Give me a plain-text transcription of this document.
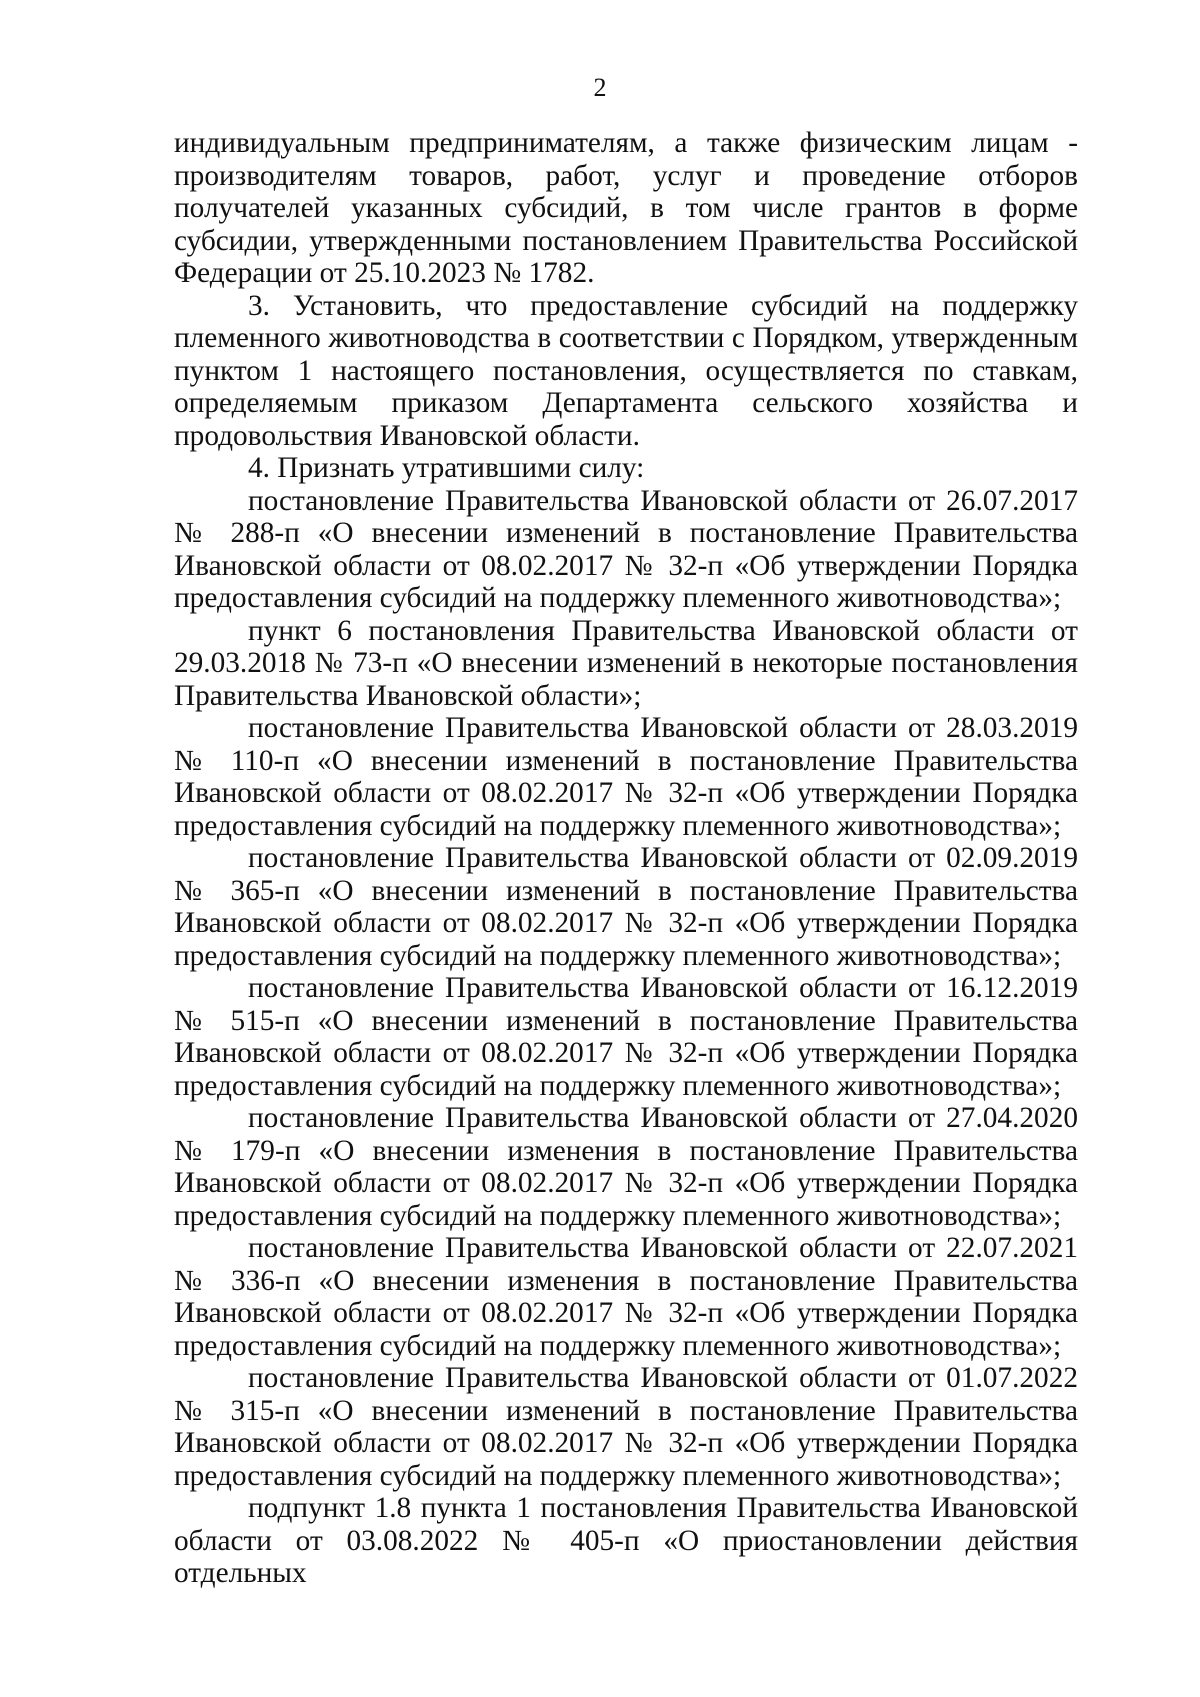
2

индивидуальным предпринимателям, а также физическим лицам - производителям товаров, работ, услуг и проведение отборов получателей указанных субсидий, в том числе грантов в форме субсидии, утвержденными постановлением Правительства Российской Федерации от 25.10.2023 № 1782.

3. Установить, что предоставление субсидий на поддержку племенного животноводства в соответствии с Порядком, утвержденным пунктом 1 настоящего постановления, осуществляется по ставкам, определяемым приказом Департамента сельского хозяйства и продовольствия Ивановской области.

4. Признать утратившими силу:

постановление Правительства Ивановской области от 26.07.2017 № 288-п «О внесении изменений в постановление Правительства Ивановской области от 08.02.2017 № 32-п «Об утверждении Порядка предоставления субсидий на поддержку племенного животноводства»;

пункт 6 постановления Правительства Ивановской области от 29.03.2018 № 73-п «О внесении изменений в некоторые постановления Правительства Ивановской области»;

постановление Правительства Ивановской области от 28.03.2019 № 110-п «О внесении изменений в постановление Правительства Ивановской области от 08.02.2017 № 32-п «Об утверждении Порядка предоставления субсидий на поддержку племенного животноводства»;

постановление Правительства Ивановской области от 02.09.2019 № 365-п «О внесении изменений в постановление Правительства Ивановской области от 08.02.2017 № 32-п «Об утверждении Порядка предоставления субсидий на поддержку племенного животноводства»;

постановление Правительства Ивановской области от 16.12.2019 № 515-п «О внесении изменений в постановление Правительства Ивановской области от 08.02.2017 № 32-п «Об утверждении Порядка предоставления субсидий на поддержку племенного животноводства»;

постановление Правительства Ивановской области от 27.04.2020 № 179-п «О внесении изменения в постановление Правительства Ивановской области от 08.02.2017 № 32-п «Об утверждении Порядка предоставления субсидий на поддержку племенного животноводства»;

постановление Правительства Ивановской области от 22.07.2021 № 336-п «О внесении изменения в постановление Правительства Ивановской области от 08.02.2017 № 32-п «Об утверждении Порядка предоставления субсидий на поддержку племенного животноводства»;

постановление Правительства Ивановской области от 01.07.2022 № 315-п «О внесении изменений в постановление Правительства Ивановской области от 08.02.2017 № 32-п «Об утверждении Порядка предоставления субсидий на поддержку племенного животноводства»;

подпункт 1.8 пункта 1 постановления Правительства Ивановской области от 03.08.2022 № 405-п «О приостановлении действия отдельных
